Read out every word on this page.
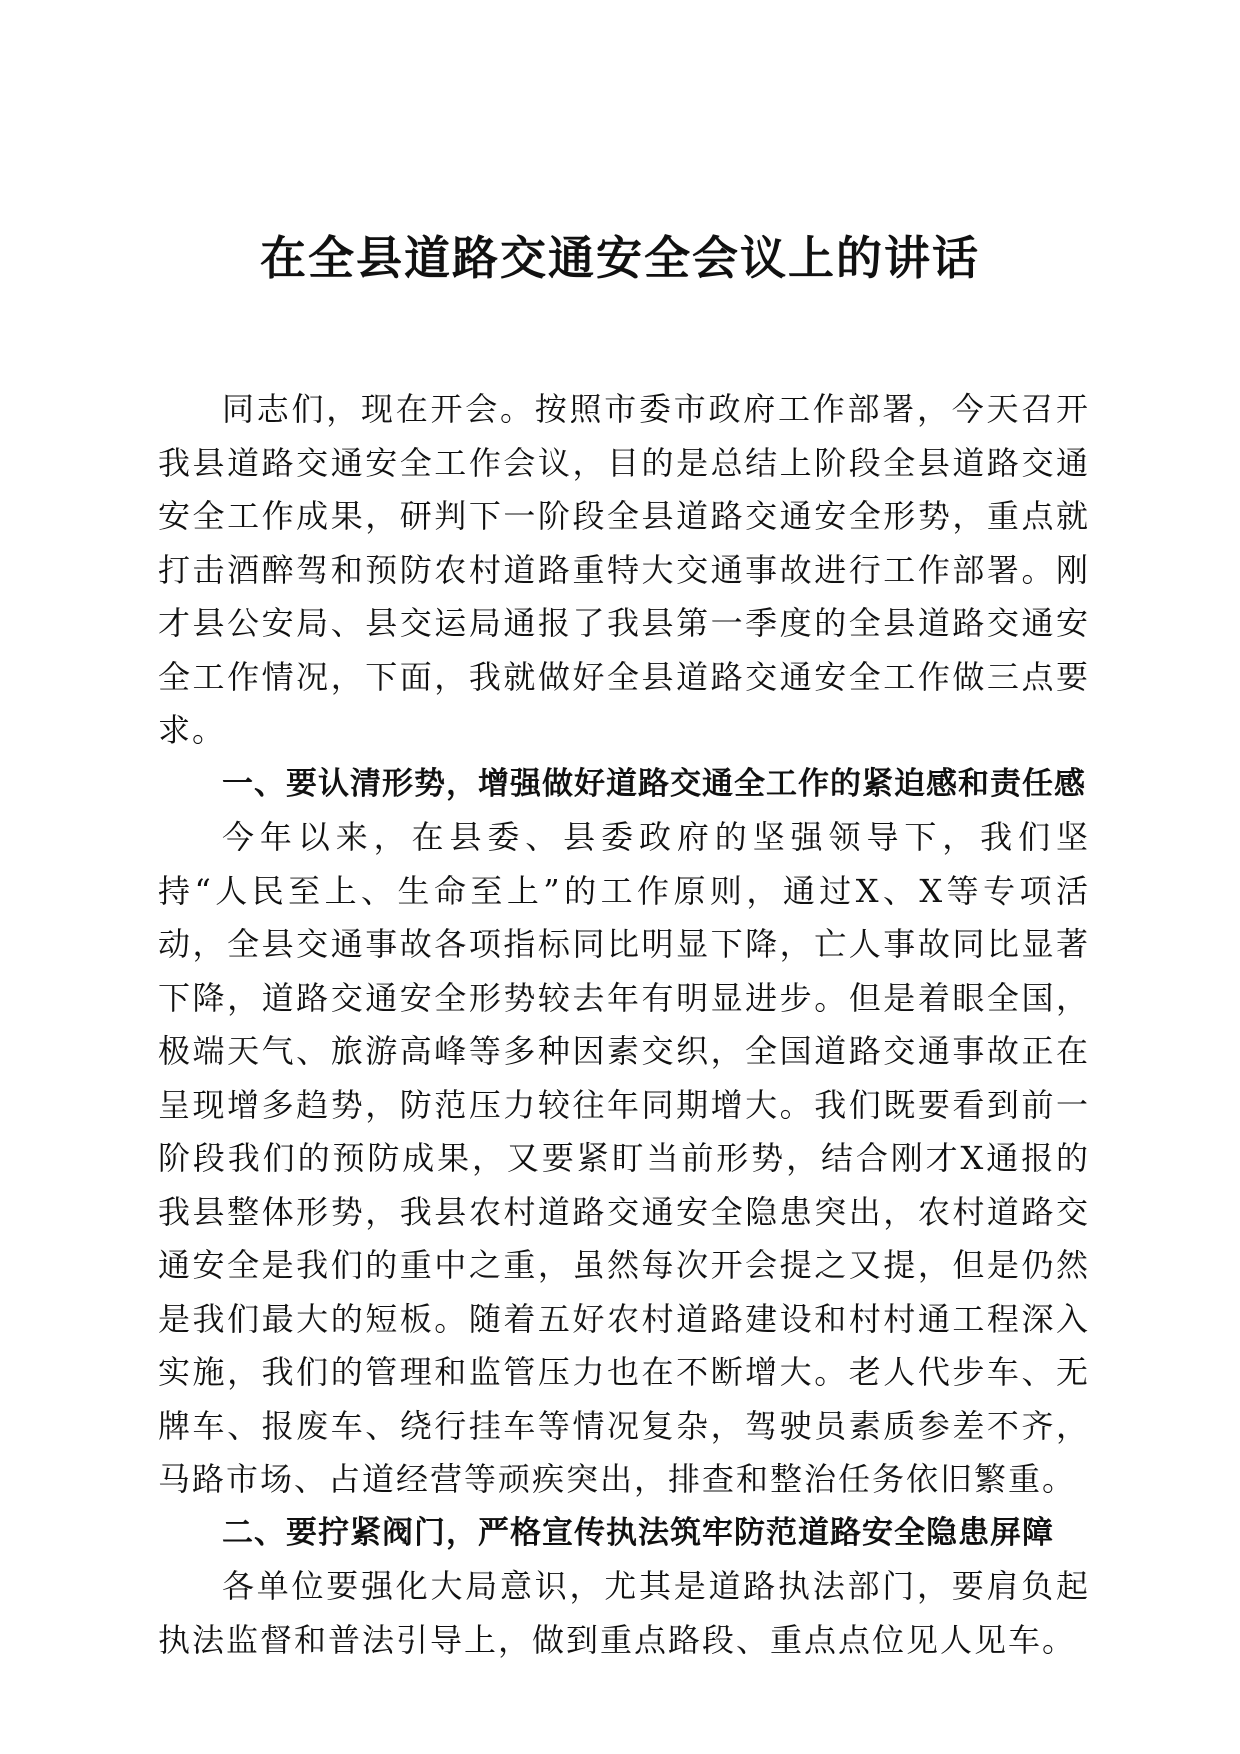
在全县道路交通安全会议上的讲话

同志们，现在开会。按照市委市政府工作部署，今天召开我县道路交通安全工作会议，目的是总结上阶段全县道路交通安全工作成果，研判下一阶段全县道路交通安全形势，重点就打击酒醉驾和预防农村道路重特大交通事故进行工作部署。刚才县公安局、县交运局通报了我县第一季度的全县道路交通安全工作情况，下面，我就做好全县道路交通安全工作做三点要求。

一、要认清形势，增强做好道路交通全工作的紧迫感和责任感

今年以来，在县委、县委政府的坚强领导下，我们坚持“人民至上、生命至上”的工作原则，通过X、X等专项活动，全县交通事故各项指标同比明显下降，亡人事故同比显著下降，道路交通安全形势较去年有明显进步。但是着眼全国，极端天气、旅游高峰等多种因素交织，全国道路交通事故正在呈现增多趋势，防范压力较往年同期增大。我们既要看到前一阶段我们的预防成果，又要紧盯当前形势，结合刚才X通报的我县整体形势，我县农村道路交通安全隐患突出，农村道路交通安全是我们的重中之重，虽然每次开会提之又提，但是仍然是我们最大的短板。随着五好农村道路建设和村村通工程深入实施，我们的管理和监管压力也在不断增大。老人代步车、无牌车、报废车、绕行挂车等情况复杂，驾驶员素质参差不齐，马路市场、占道经营等顽疾突出，排查和整治任务依旧繁重。

二、要拧紧阀门，严格宣传执法筑牢防范道路安全隐患屏障

各单位要强化大局意识，尤其是道路执法部门，要肩负起执法监督和普法引导上，做到重点路段、重点点位见人见车。
